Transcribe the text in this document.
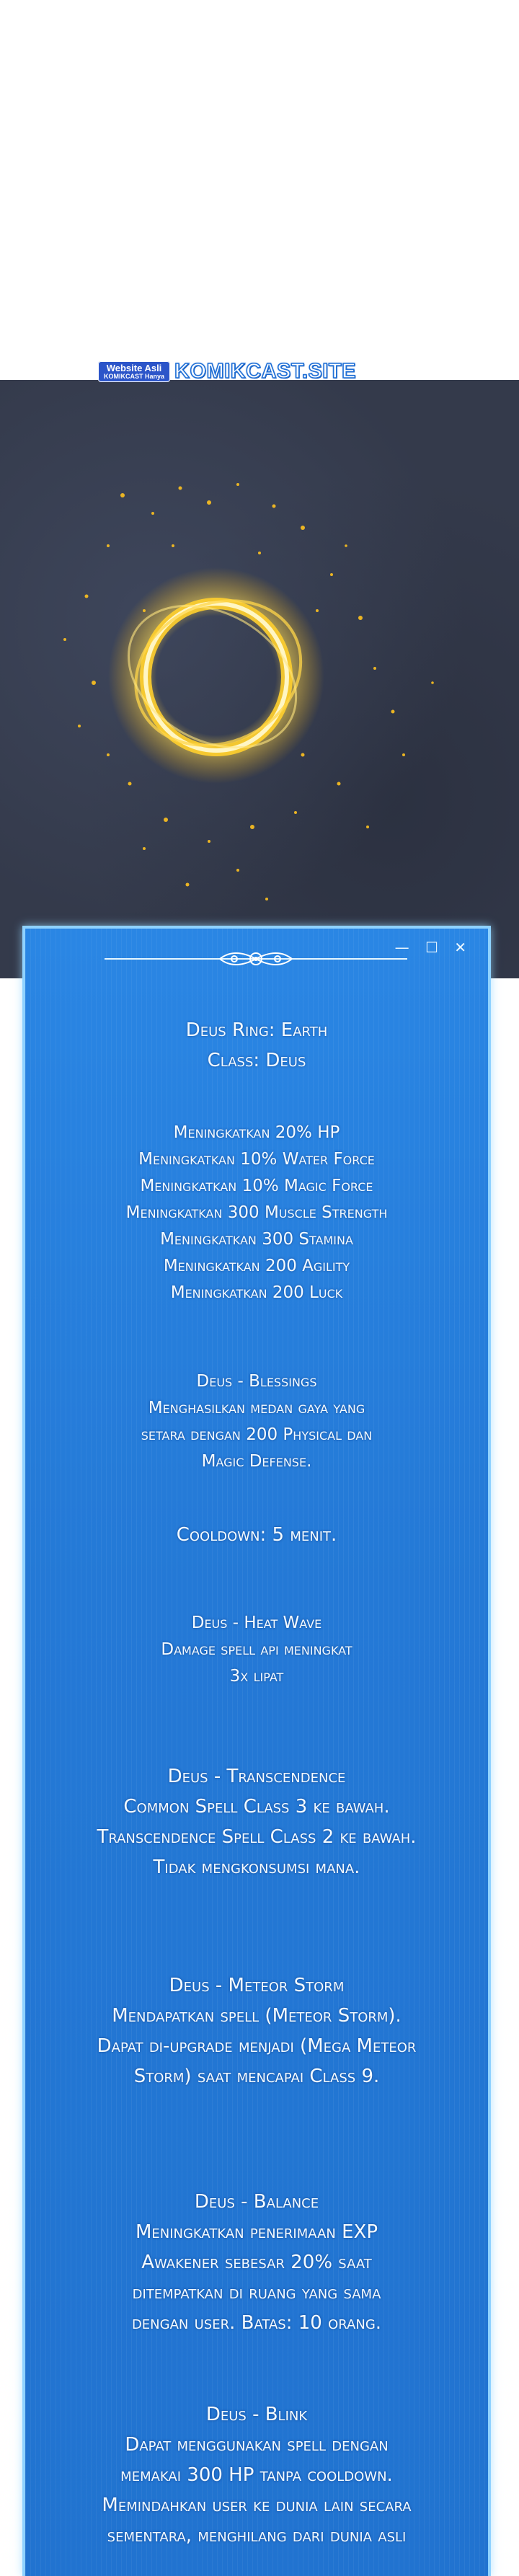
Website Asli
KOMIKCAST Hanya KOMIKCAST.SITE
— ☐ ✕
Deus Ring: Earth
Class: Deus
Meningkatkan 20% HP
Meningkatkan 10% Water Force
Meningkatkan 10% Magic Force
Meningkatkan 300 Muscle Strength
Meningkatkan 300 Stamina
Meningkatkan 200 Agility
Meningkatkan 200 Luck
Deus - Blessings
Menghasilkan medan gaya yang
setara dengan 200 Physical dan
Magic Defense.
Cooldown: 5 menit.
Deus - Heat Wave
Damage spell api meningkat
3x lipat
Deus - Transcendence
Common Spell Class 3 ke bawah.
Transcendence Spell Class 2 ke bawah.
Tidak mengkonsumsi mana.
Deus - Meteor Storm
Mendapatkan spell (Meteor Storm).
Dapat di-upgrade menjadi (Mega Meteor
Storm) saat mencapai Class 9.
Deus - Balance
Meningkatkan penerimaan EXP
Awakener sebesar 20% saat
ditempatkan di ruang yang sama
dengan user. Batas: 10 orang.
Deus - Blink
Dapat menggunakan spell dengan
memakai 300 HP tanpa cooldown.
Memindahkan user ke dunia lain secara
sementara, menghilang dari dunia asli
